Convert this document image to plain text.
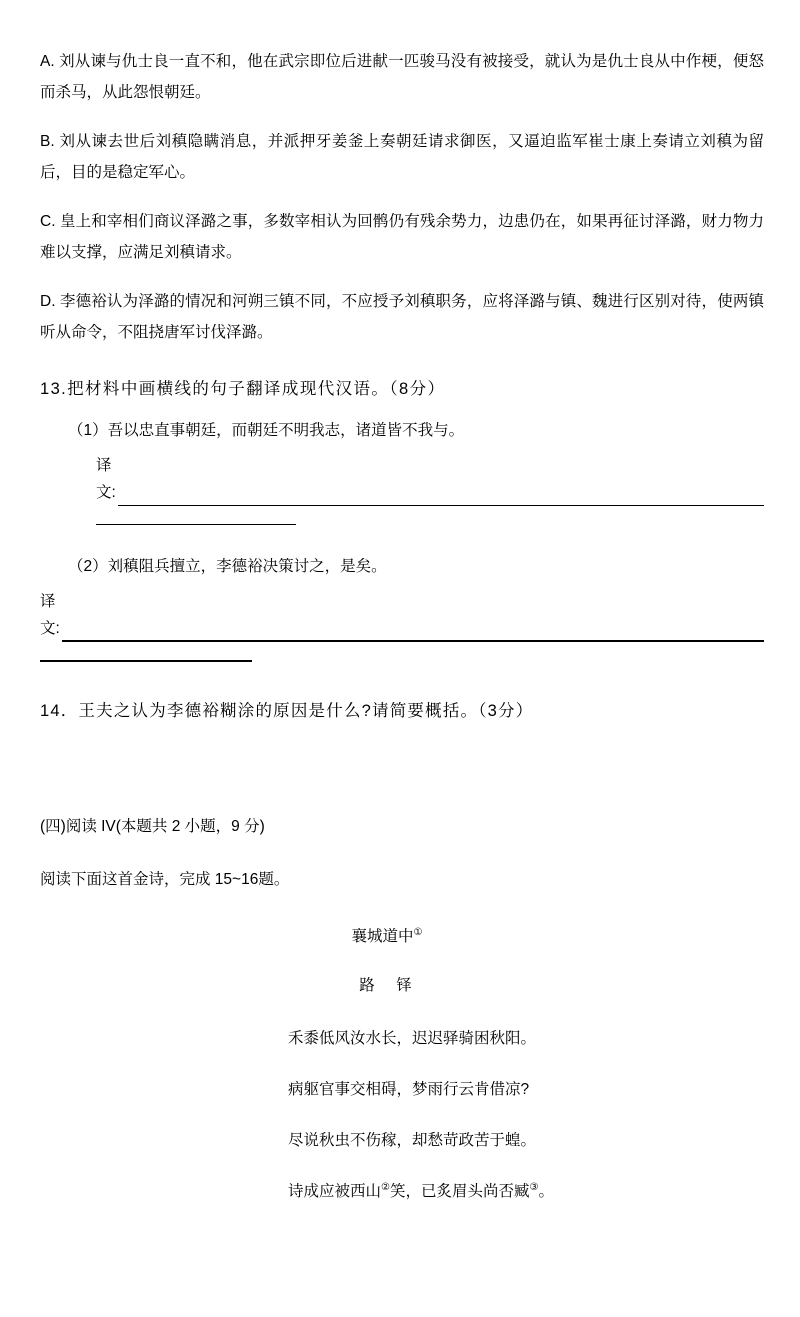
A. 刘从谏与仇士良一直不和，他在武宗即位后进献一匹骏马没有被接受，就认为是仇士良从中作梗，便怒而杀马，从此怨恨朝廷。

B. 刘从谏去世后刘稹隐瞒消息，并派押牙姜釜上奏朝廷请求御医，又逼迫监军崔士康上奏请立刘稹为留后，目的是稳定军心。

C. 皇上和宰相们商议泽潞之事，多数宰相认为回鹘仍有残余势力，边患仍在，如果再征讨泽潞，财力物力难以支撑，应满足刘稹请求。

D. 李德裕认为泽潞的情况和河朔三镇不同，不应授予刘稹职务，应将泽潞与镇、魏进行区别对待，使两镇听从命令，不阻挠唐军讨伐泽潞。

13.把材料中画横线的句子翻译成现代汉语。（8分）

（1）吾以忠直事朝廷，而朝廷不明我志，诸道皆不我与。

译
文:

（2）刘稹阻兵擅立，李德裕决策讨之，是矣。

译
文:

14．王夫之认为李德裕糊涂的原因是什么?请简要概括。（3分）

(四)阅读 IV(本题共 2 小题，9 分)

阅读下面这首金诗，完成 15~16题。

襄城道中①

路　铎

禾黍低风汝水长，迟迟驿骑困秋阳。

病躯官事交相碍，梦雨行云肯借凉?

尽说秋虫不伤稼，却愁苛政苦于蝗。

诗成应被西山②笑，已炙眉头尚否臧③。
